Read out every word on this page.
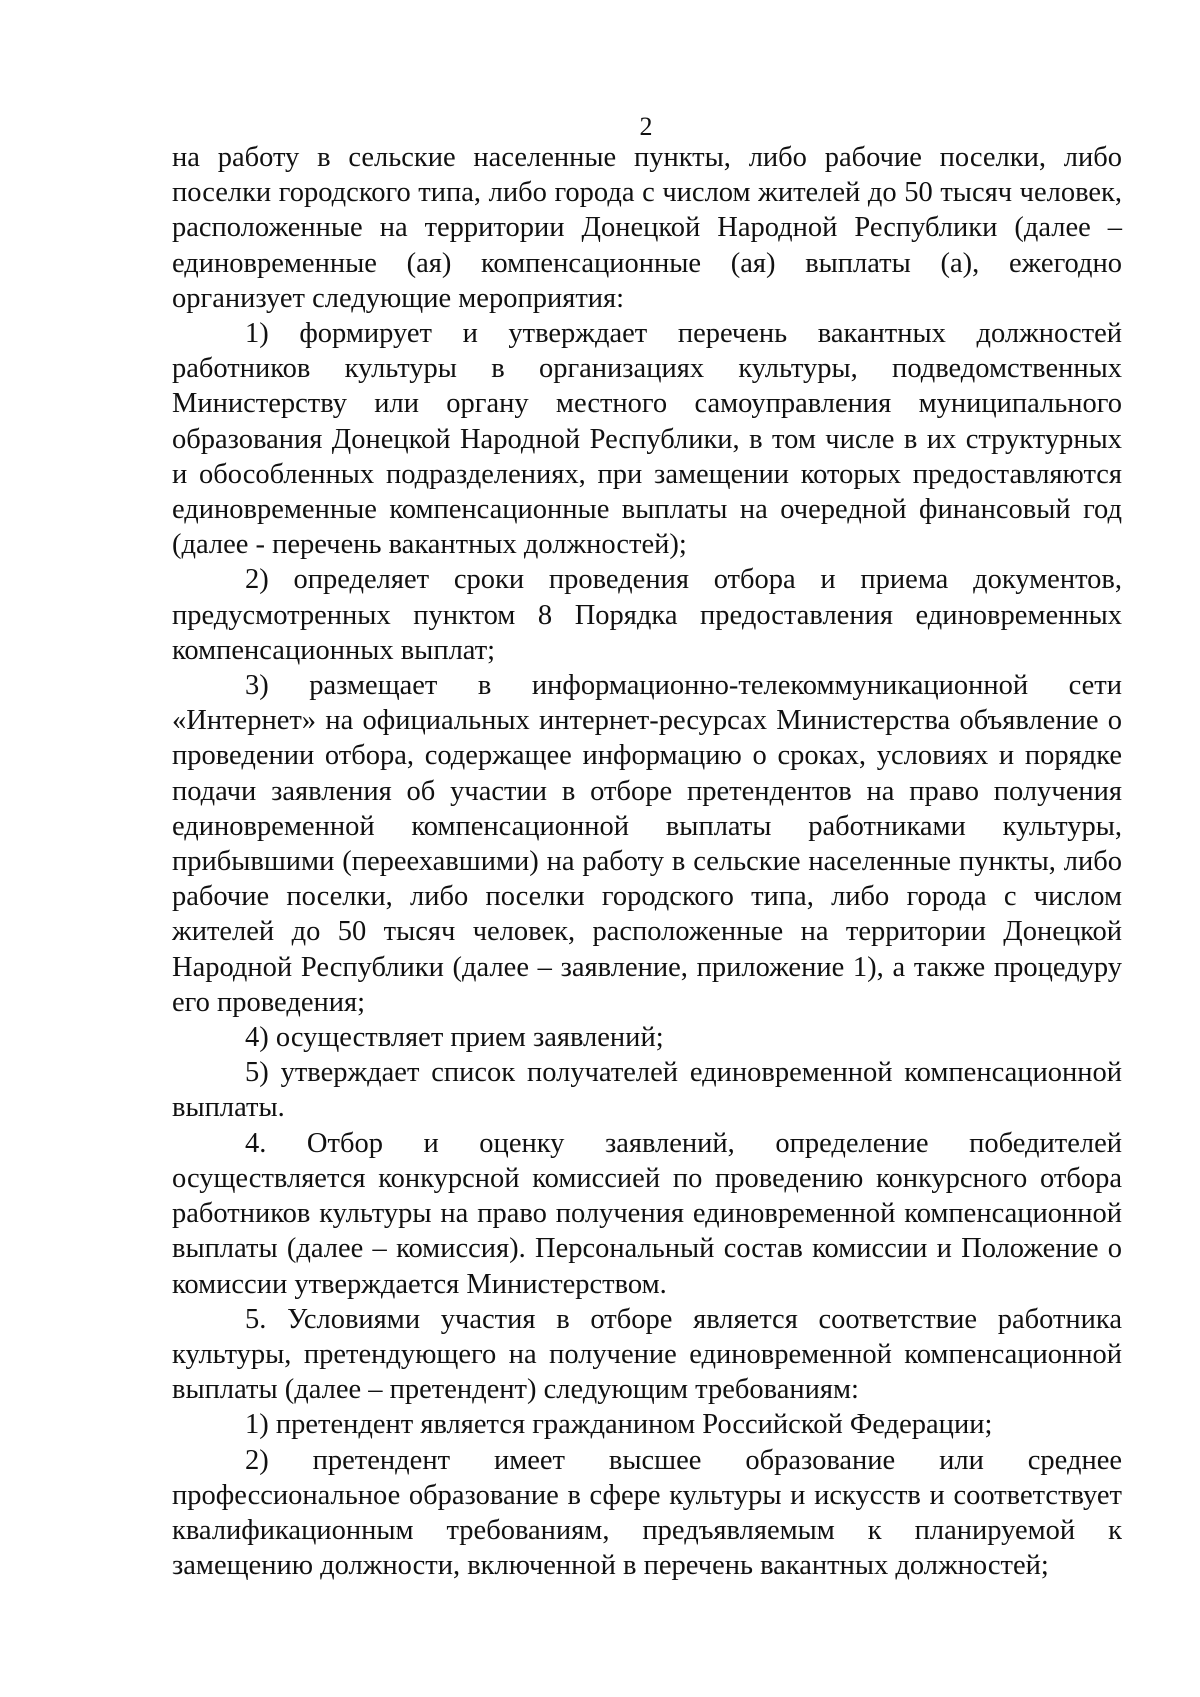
2

на работу в сельские населенные пункты, либо рабочие поселки, либо поселки городского типа, либо города с числом жителей до 50 тысяч человек, расположенные на территории Донецкой Народной Республики (далее – единовременные (ая) компенсационные (ая) выплаты (а), ежегодно организует следующие мероприятия:

1) формирует и утверждает перечень вакантных должностей работников культуры в организациях культуры, подведомственных Министерству или органу местного самоуправления муниципального образования Донецкой Народной Республики, в том числе в их структурных и обособленных подразделениях, при замещении которых предоставляются единовременные компенсационные выплаты на очередной финансовый год (далее - перечень вакантных должностей);

2) определяет сроки проведения отбора и приема документов, предусмотренных пунктом 8 Порядка предоставления единовременных компенсационных выплат;

3) размещает в информационно-телекоммуникационной сети «Интернет» на официальных интернет-ресурсах Министерства объявление о проведении отбора, содержащее информацию о сроках, условиях и порядке подачи заявления об участии в отборе претендентов на право получения единовременной компенсационной выплаты работниками культуры, прибывшими (переехавшими) на работу в сельские населенные пункты, либо рабочие поселки, либо поселки городского типа, либо города с числом жителей до 50 тысяч человек, расположенные на территории Донецкой Народной Республики (далее – заявление, приложение 1), а также процедуру его проведения;

4) осуществляет прием заявлений;

5) утверждает список получателей единовременной компенсационной выплаты.

4. Отбор и оценку заявлений, определение победителей осуществляется конкурсной комиссией по проведению конкурсного отбора работников культуры на право получения единовременной компенсационной выплаты (далее – комиссия). Персональный состав комиссии и Положение о комиссии утверждается Министерством.

5. Условиями участия в отборе является соответствие работника культуры, претендующего на получение единовременной компенсационной выплаты (далее – претендент) следующим требованиям:

1) претендент является гражданином Российской Федерации;

2) претендент имеет высшее образование или среднее профессиональное образование в сфере культуры и искусств и соответствует квалификационным требованиям, предъявляемым к планируемой к замещению должности, включенной в перечень вакантных должностей;
